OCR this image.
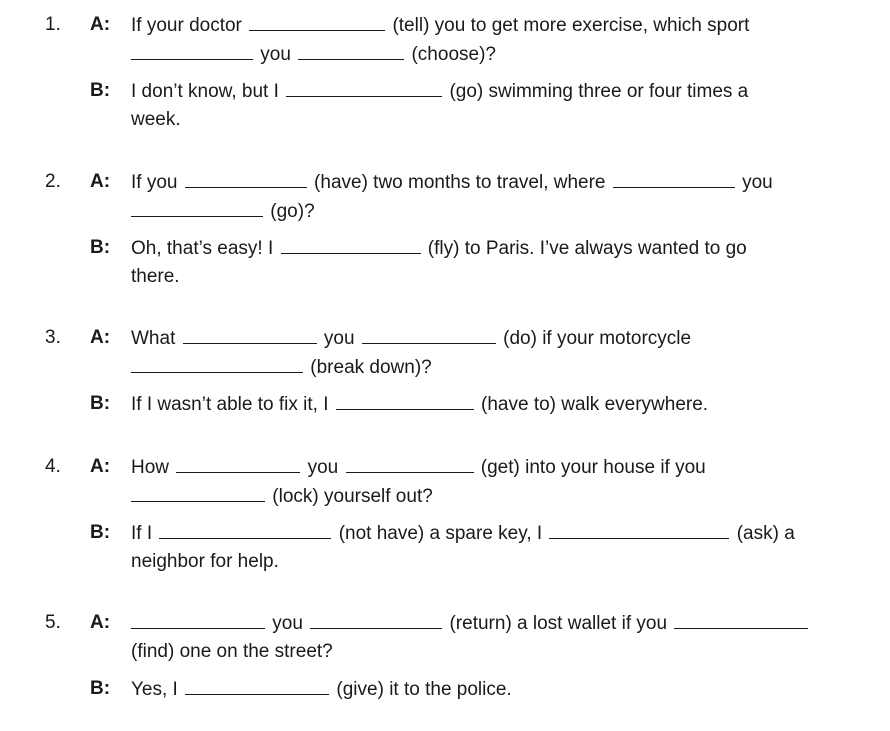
1.	A:	If your doctor	(tell) you to get more exercise, which sport
you	(choose)?
B:	I don’t know, but I	(go) swimming three or four times a
week.
2.	A:	If you	(have) two months to travel, where	you
(go)?
B:	Oh, that’s easy! I	(fly) to Paris. I’ve always wanted to go
there.
3.	A:	What	you	(do) if your motorcycle
(break down)?
B:	If I wasn’t able to fix it, I	(have to) walk everywhere.
4.	A:	How	you	(get) into your house if you
(lock) yourself out?
B:	If I	(not have) a spare key, I	(ask) a
neighbor for help.
5.	A:	you	(return) a lost wallet if you
(find) one on the street?
B:	Yes, I	(give) it to the police.
